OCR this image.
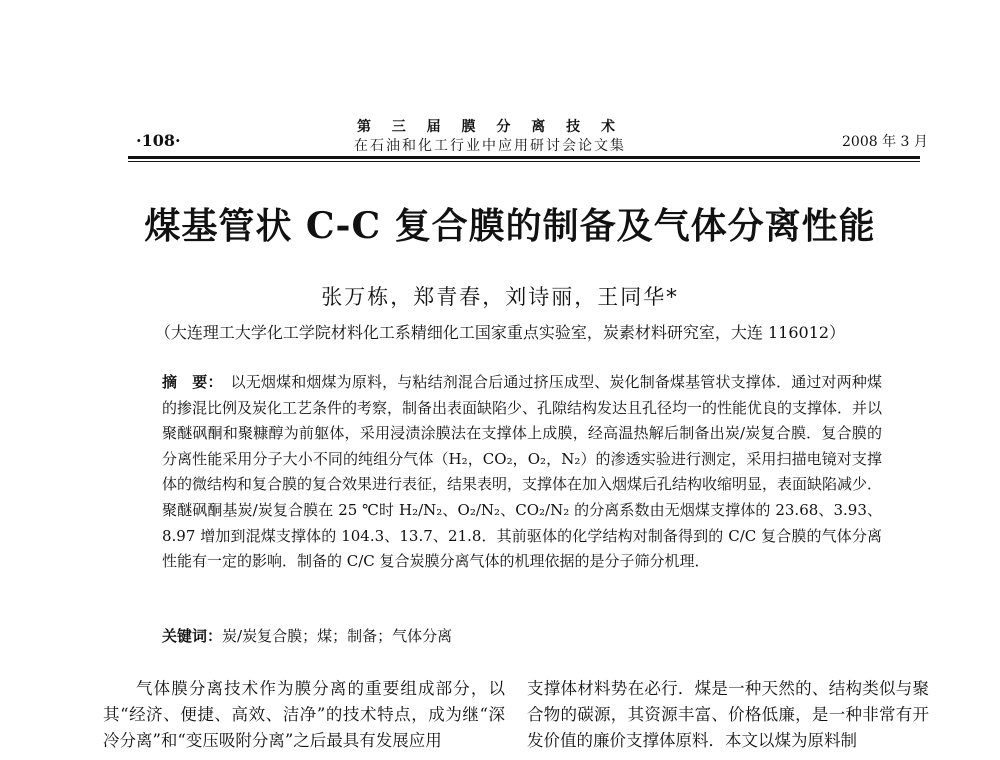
·108·
第 三 届 膜 分 离 技 术
在石油和化工行业中应用研讨会论文集	2008 年 3 月
煤基管状 C-C 复合膜的制备及气体分离性能
张万栋，郑青春，刘诗丽，王同华*
（大连理工大学化工学院材料化工系精细化工国家重点实验室，炭素材料研究室，大连 116012）
摘　要： 以无烟煤和烟煤为原料，与粘结剂混合后通过挤压成型、炭化制备煤基管状支撑体．通过对两种煤的掺混比例及炭化工艺条件的考察，制备出表面缺陷少、孔隙结构发达且孔径均一的性能优良的支撑体．并以聚醚砜酮和聚糠醇为前躯体，采用浸渍涂膜法在支撑体上成膜，经高温热解后制备出炭/炭复合膜．复合膜的分离性能采用分子大小不同的纯组分气体（H₂，CO₂，O₂，N₂）的渗透实验进行测定，采用扫描电镜对支撑体的微结构和复合膜的复合效果进行表征，结果表明，支撑体在加入烟煤后孔结构收缩明显，表面缺陷减少．聚醚砜酮基炭/炭复合膜在 25 ℃时 H₂/N₂、O₂/N₂、CO₂/N₂ 的分离系数由无烟煤支撑体的 23.68、3.93、8.97 增加到混煤支撑体的 104.3、13.7、21.8．其前驱体的化学结构对制备得到的 C/C 复合膜的气体分离性能有一定的影响．制备的 C/C 复合炭膜分离气体的机理依据的是分子筛分机理．
关键词：炭/炭复合膜；煤；制备；气体分离
气体膜分离技术作为膜分离的重要组成部分，以其“经济、便捷、高效、洁净”的技术特点，成为继“深冷分离”和“变压吸附分离”之后最具有发展应用
支撑体材料势在必行．煤是一种天然的、结构类似与聚合物的碳源，其资源丰富、价格低廉，是一种非常有开发价值的廉价支撑体原料．本文以煤为原料制
